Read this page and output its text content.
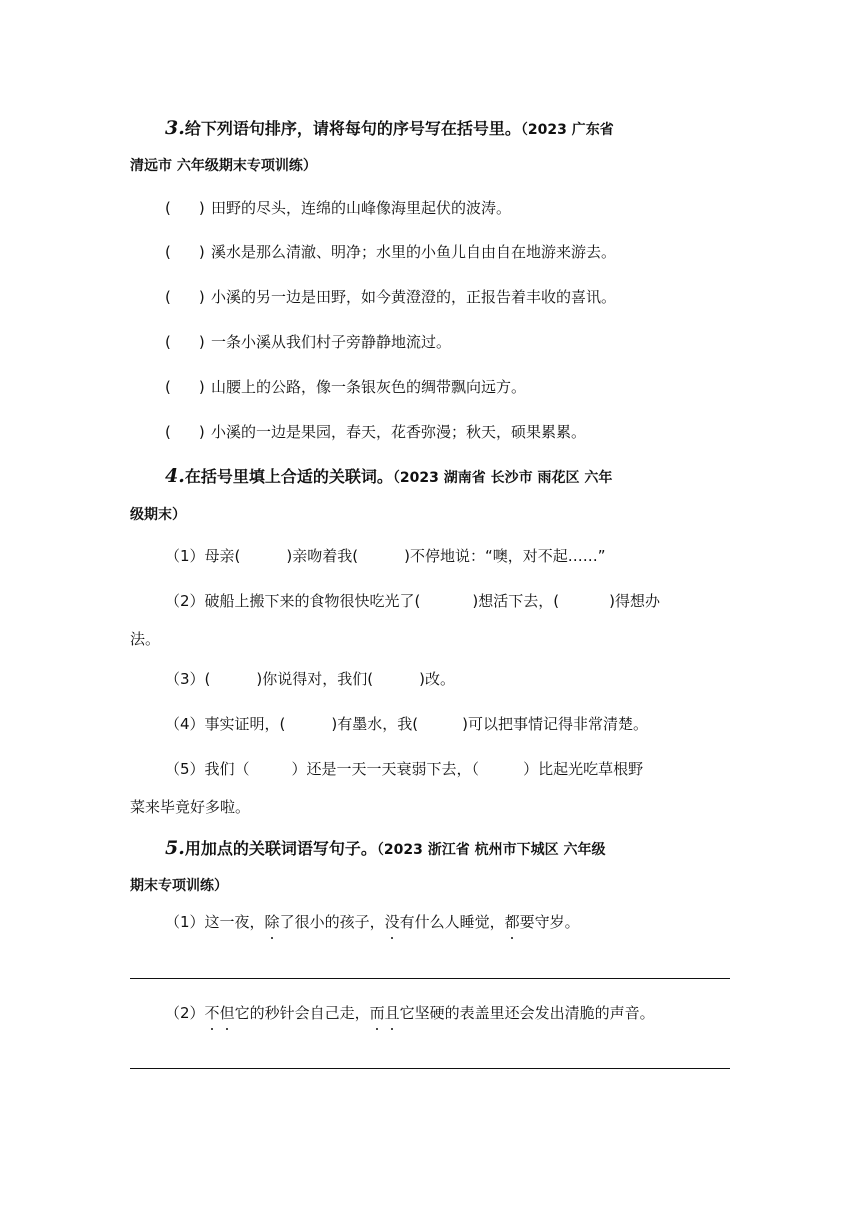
3.给下列语句排序，请将每句的序号写在括号里。（2023 广东省
清远市 六年级期末专项训练）
( ) 田野的尽头，连绵的山峰像海里起伏的波涛。
( ) 溪水是那么清澈、明净；水里的小鱼儿自由自在地游来游去。
( ) 小溪的另一边是田野，如今黄澄澄的，正报告着丰收的喜讯。
( ) 一条小溪从我们村子旁静静地流过。
( ) 山腰上的公路，像一条银灰色的绸带飘向远方。
( ) 小溪的一边是果园，春天，花香弥漫；秋天，硕果累累。
4.在括号里填上合适的关联词。（2023 湖南省 长沙市 雨花区 六年
级期末）
（1）母亲(	)亲吻着我(	)不停地说：“噢，对不起……”
（2）破船上搬下来的食物很快吃光了(	)想活下去，(	)得想办
法。
（3）(	)你说得对，我们(	)改。
（4）事实证明，(	)有墨水，我(	)可以把事情记得非常清楚。
（5）我们（	）还是一天一天衰弱下去，（	）比起光吃草根野
菜来毕竟好多啦。
5.用加点的关联词语写句子。（2023 浙江省 杭州市下城区 六年级
期末专项训练）
（1）这一夜，除了很小的孩子，没有什么人睡觉，都要守岁。
（2）不但它的秒针会自己走，而且它坚硬的表盖里还会发出清脆的声音。
